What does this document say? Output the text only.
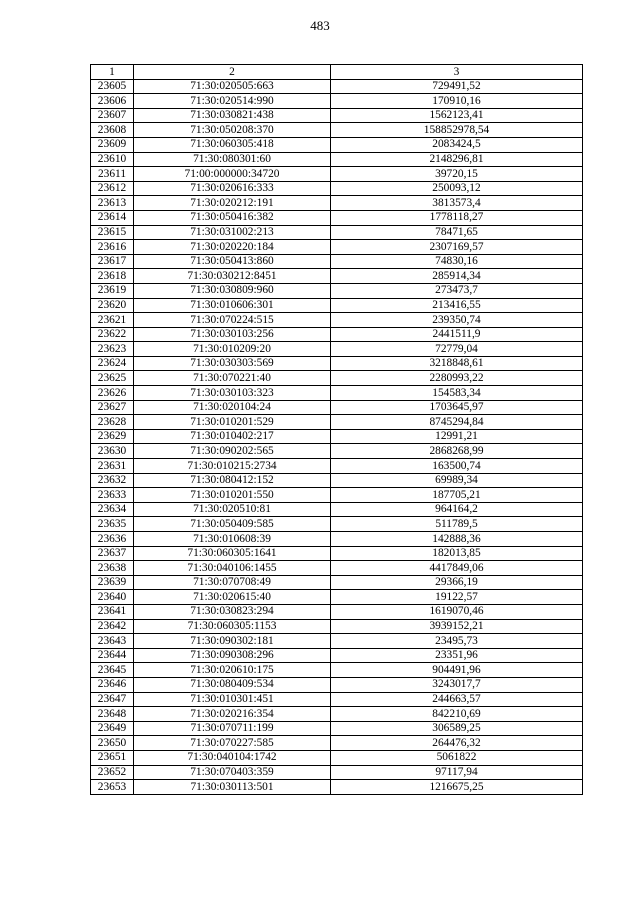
483
1	2	3
23605	71:30:020505:663	729491,52
23606	71:30:020514:990	170910,16
23607	71:30:030821:438	1562123,41
23608	71:30:050208:370	158852978,54
23609	71:30:060305:418	2083424,5
23610	71:30:080301:60	2148296,81
23611	71:00:000000:34720	39720,15
23612	71:30:020616:333	250093,12
23613	71:30:020212:191	3813573,4
23614	71:30:050416:382	1778118,27
23615	71:30:031002:213	78471,65
23616	71:30:020220:184	2307169,57
23617	71:30:050413:860	74830,16
23618	71:30:030212:8451	285914,34
23619	71:30:030809:960	273473,7
23620	71:30:010606:301	213416,55
23621	71:30:070224:515	239350,74
23622	71:30:030103:256	2441511,9
23623	71:30:010209:20	72779,04
23624	71:30:030303:569	3218848,61
23625	71:30:070221:40	2280993,22
23626	71:30:030103:323	154583,34
23627	71:30:020104:24	1703645,97
23628	71:30:010201:529	8745294,84
23629	71:30:010402:217	12991,21
23630	71:30:090202:565	2868268,99
23631	71:30:010215:2734	163500,74
23632	71:30:080412:152	69989,34
23633	71:30:010201:550	187705,21
23634	71:30:020510:81	964164,2
23635	71:30:050409:585	511789,5
23636	71:30:010608:39	142888,36
23637	71:30:060305:1641	182013,85
23638	71:30:040106:1455	4417849,06
23639	71:30:070708:49	29366,19
23640	71:30:020615:40	19122,57
23641	71:30:030823:294	1619070,46
23642	71:30:060305:1153	3939152,21
23643	71:30:090302:181	23495,73
23644	71:30:090308:296	23351,96
23645	71:30:020610:175	904491,96
23646	71:30:080409:534	3243017,7
23647	71:30:010301:451	244663,57
23648	71:30:020216:354	842210,69
23649	71:30:070711:199	306589,25
23650	71:30:070227:585	264476,32
23651	71:30:040104:1742	5061822
23652	71:30:070403:359	97117,94
23653	71:30:030113:501	1216675,25
